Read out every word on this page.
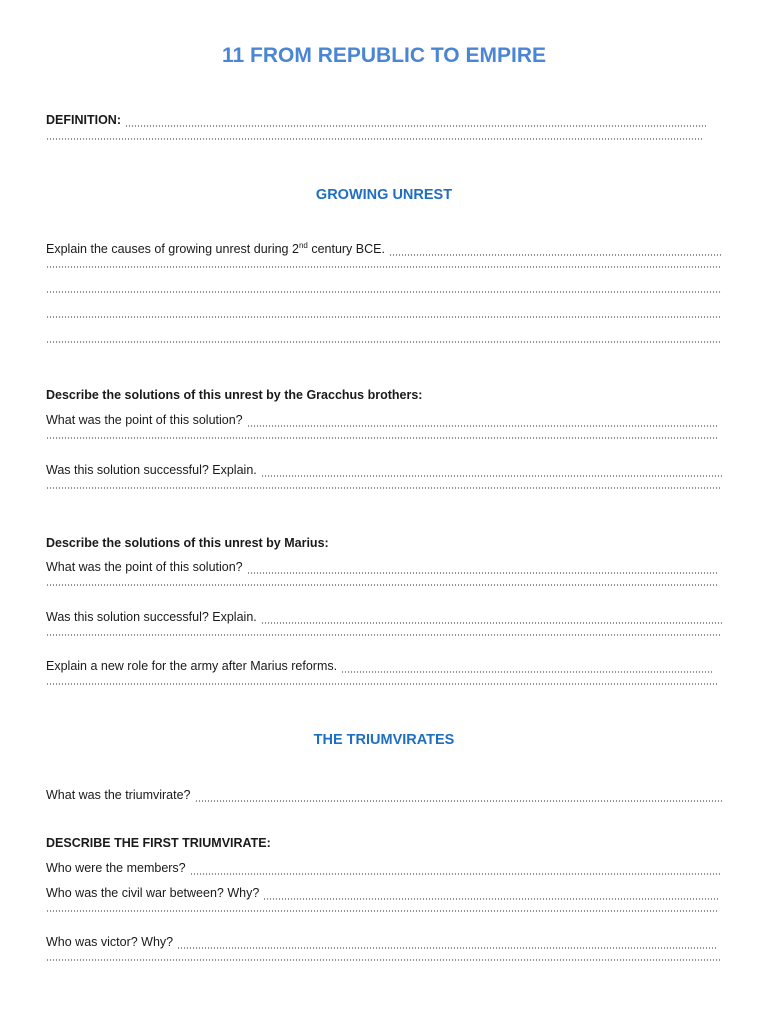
11 FROM REPUBLIC TO EMPIRE
DEFINITION:
GROWING UNREST
Explain the causes of growing unrest during 2nd century BCE.
Describe the solutions of this unrest by the Gracchus brothers:
What was the point of this solution?
Was this solution successful? Explain.
Describe the solutions of this unrest by Marius:
What was the point of this solution?
Was this solution successful? Explain.
Explain a new role for the army after Marius reforms.
THE TRIUMVIRATES
What was the triumvirate?
DESCRIBE THE FIRST TRIUMVIRATE:
Who were the members?
Who was the civil war between? Why?
Who was victor? Why?
